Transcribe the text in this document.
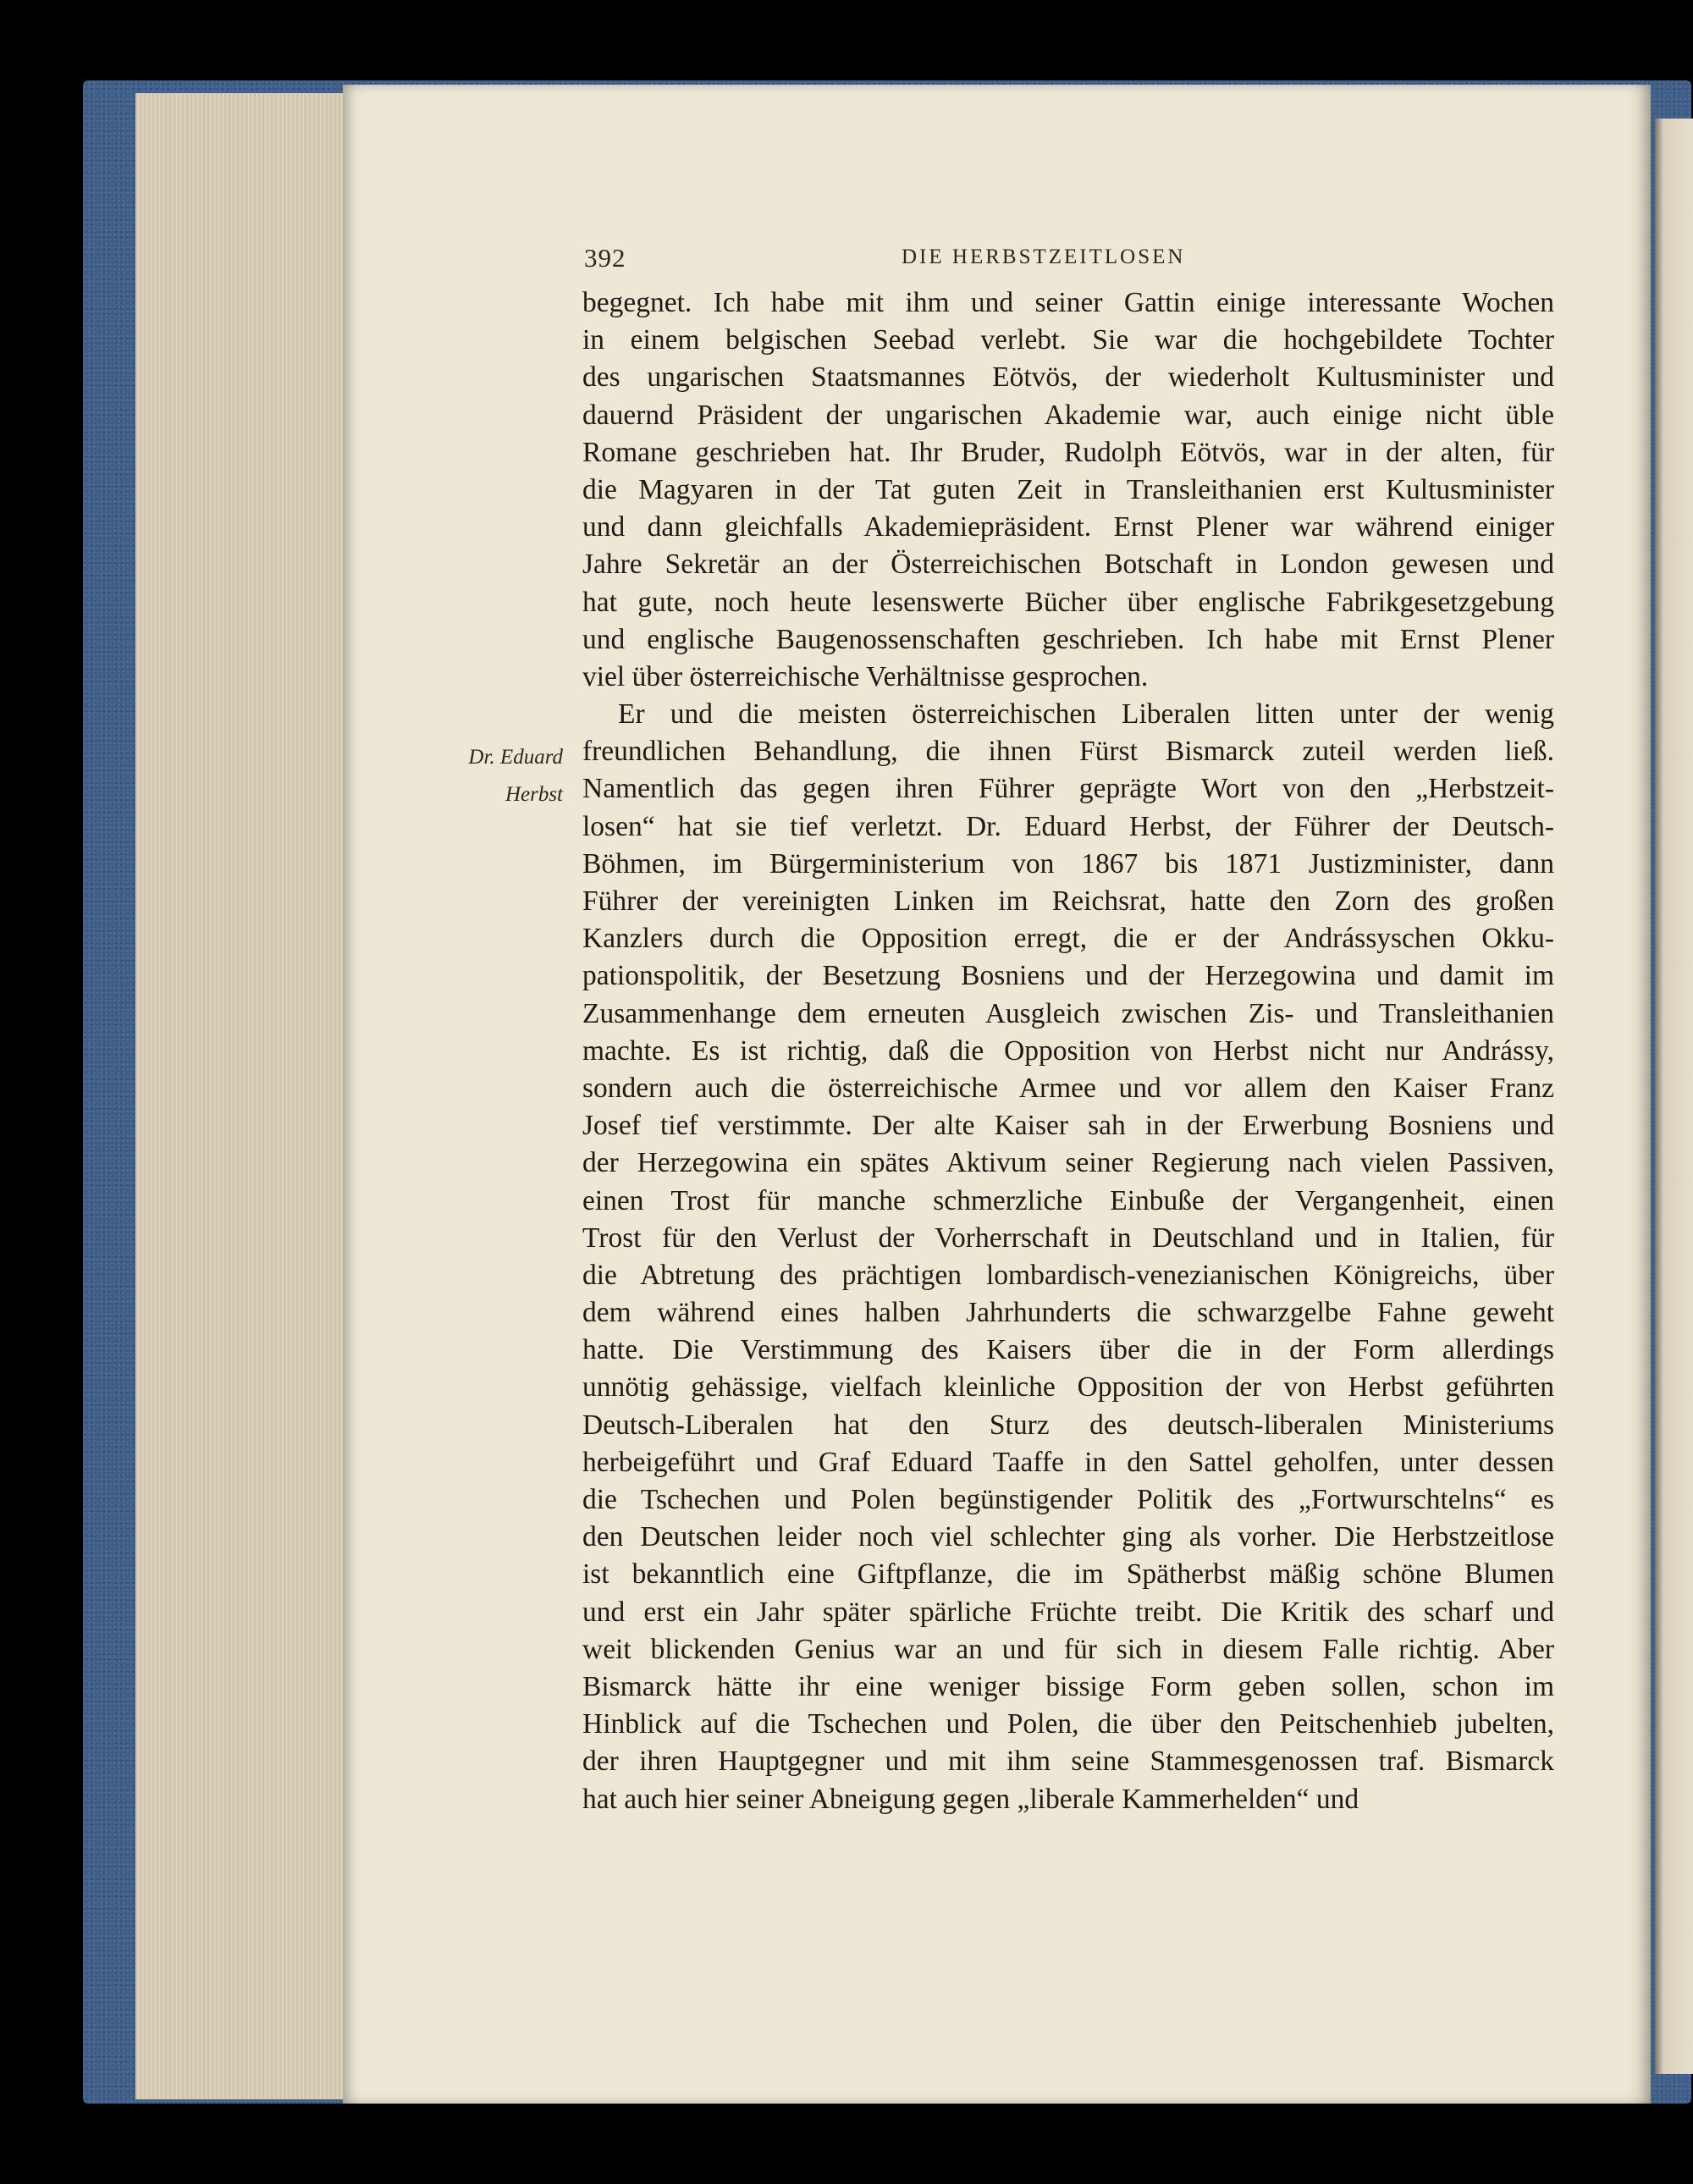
392	DIE HERBSTZEITLOSEN
Dr. Eduard
Herbst
begegnet. Ich habe mit ihm und seiner Gattin einige interessante Wochen
in einem belgischen Seebad verlebt. Sie war die hochgebildete Tochter
des ungarischen Staatsmannes Eötvös, der wiederholt Kultusminister und
dauernd Präsident der ungarischen Akademie war, auch einige nicht üble
Romane geschrieben hat. Ihr Bruder, Rudolph Eötvös, war in der alten, für
die Magyaren in der Tat guten Zeit in Transleithanien erst Kultusminister
und dann gleichfalls Akademiepräsident. Ernst Plener war während einiger
Jahre Sekretär an der Österreichischen Botschaft in London gewesen und
hat gute, noch heute lesenswerte Bücher über englische Fabrikgesetzgebung
und englische Baugenossenschaften geschrieben. Ich habe mit Ernst Plener
viel über österreichische Verhältnisse gesprochen.
Er und die meisten österreichischen Liberalen litten unter der wenig
freundlichen Behandlung, die ihnen Fürst Bismarck zuteil werden ließ.
Namentlich das gegen ihren Führer geprägte Wort von den „Herbstzeit-
losen“ hat sie tief verletzt. Dr. Eduard Herbst, der Führer der Deutsch-
Böhmen, im Bürgerministerium von 1867 bis 1871 Justizminister, dann
Führer der vereinigten Linken im Reichsrat, hatte den Zorn des großen
Kanzlers durch die Opposition erregt, die er der Andrássyschen Okku-
pationspolitik, der Besetzung Bosniens und der Herzegowina und damit im
Zusammenhange dem erneuten Ausgleich zwischen Zis- und Transleithanien
machte. Es ist richtig, daß die Opposition von Herbst nicht nur Andrássy,
sondern auch die österreichische Armee und vor allem den Kaiser Franz
Josef tief verstimmte. Der alte Kaiser sah in der Erwerbung Bosniens und
der Herzegowina ein spätes Aktivum seiner Regierung nach vielen Passiven,
einen Trost für manche schmerzliche Einbuße der Vergangenheit, einen
Trost für den Verlust der Vorherrschaft in Deutschland und in Italien, für
die Abtretung des prächtigen lombardisch-venezianischen Königreichs, über
dem während eines halben Jahrhunderts die schwarzgelbe Fahne geweht
hatte. Die Verstimmung des Kaisers über die in der Form allerdings
unnötig gehässige, vielfach kleinliche Opposition der von Herbst geführten
Deutsch-Liberalen hat den Sturz des deutsch-liberalen Ministeriums
herbeigeführt und Graf Eduard Taaffe in den Sattel geholfen, unter dessen
die Tschechen und Polen begünstigender Politik des „Fortwurschtelns“ es
den Deutschen leider noch viel schlechter ging als vorher. Die Herbstzeitlose
ist bekanntlich eine Giftpflanze, die im Spätherbst mäßig schöne Blumen
und erst ein Jahr später spärliche Früchte treibt. Die Kritik des scharf und
weit blickenden Genius war an und für sich in diesem Falle richtig. Aber
Bismarck hätte ihr eine weniger bissige Form geben sollen, schon im
Hinblick auf die Tschechen und Polen, die über den Peitschenhieb jubelten,
der ihren Hauptgegner und mit ihm seine Stammesgenossen traf. Bismarck
hat auch hier seiner Abneigung gegen „liberale Kammerhelden“ und
